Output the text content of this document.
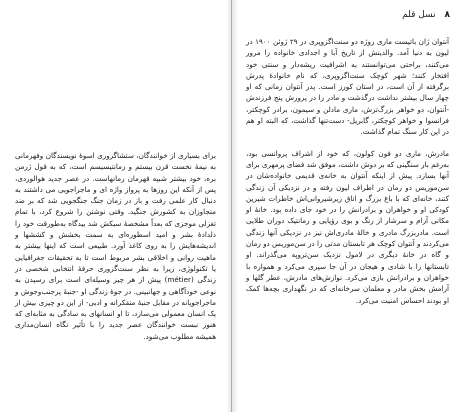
برای بسیاری از خوانندگان، ستشاگزوری اسوهٔ نویسندگان وفهرمانی به نیمهٔ نخست قرن بیستم و رمانتیسیسم است، که به قول ژرمن بره، خود بیشتر شبیه قهرمان رمانهاست. در عصر جدید هوالوردی، پس از آنکه این روزها به پرواز واژه ای و ماجراجویی می داشتند به دنبال کار علمی رفت و باز در زمان جنگ جنگجویی شد که بر ضد متجاوزان به کشورش جنگید. وقتی نوشتن را شروع کرد، با تمام تغزلی موجزی که بعداً مشخصهٔ سبکش شد بیدگاه به‌طورقت خود را دلدادهٔ بشر و امید اسطوره‌ای به سمت بخشش و کششها و اندیشه‌هایش را به روی کاغذ آورد. طبیعی است که اینها بیشتر به ماهیت روانی و اخلاقی بشر مربوط است تا به تحقیقات جغرافیایی یا تکنولوژی، زیرا به نظر سنت‌گزوری حرفهٔ انتخابی شخصی در زندگی (métier) پیش از هر چیز وسیله‌ای است برای رسیدن به نوعی خودآگاهی و جهانبینی. در جوهٔ زندگی او -جنبهٔ پرجنب‌وجوش و ماجراجویانه در مقابل جنبهٔ متفکرانه و ادبی- از این دو چیزی بیش از یک انسان معمولی می‌سازد، تا او انسانهای به سادگی به مثابه‌ای که هنوز نبست خوانندگان عصر جدید را با تأثیر نگاه انسان‌مداری همیشه مطلوب می‌شود.

۸ نسل قلم

آنتوان ژان باتیست ماری روژه دو سنت‌اگزوپری در ۲۹ ژوئن ۱۹۰۰ در لیون به دنیا آمد. والدینش از تاریخ آبا و اجدادی خانواده را مرور می‌کنند، براحتی می‌توانستند به اشرافیت ریشه‌دار و سنتی خود افتخار کنند؛ شهر کوچک سنت‌اگزوپری، که نام خانوادهٔ پدرش برگرفته از آن است، در استان کورز است. پدر آنتوان زمانی که او چهار سال بیشتر نداشت درگذشت و مادر را در پرورش پنج فرزندش -آنتوان، دو خواهر بزرگ‌ترش، ماری مادلن و سیمون، برادر کوچکتر، فرانسوا و خواهر کوچکتر، گابریل- دست‌تنها گذاشت، که البته او هم در این کار سنگ تمام گذاشت.

مادرش، ماری دو فون کولون، که خود از اشراف پروانسی بود، به‌رغم بار سنگینی که بر دوش داشت، موفق شد فضای پرمهری برای آنها بسازد. پیش از اینکه آنتوان به خانه‌ی قدیمی خانواده‌شان در سن‌موریس دو رمان در اطراف لیون رفته و در نزدیکی آن زندگی کنند، خانه‌ای که با باغ بزرگ و اتاق زیرشیروانی‌اش خاطرات شیرین کودکی او و خواهران و برادرانش را در خود جای داده بود. خانهٔ او مکانی آرام و سرشار از رنگ و بوی رؤیایی و رمانتیک دوران طلایی است. مادربزرگ مادری و خالهٔ مادری‌اش نیز در نزدیکی آنها زندگی می‌کردند و آنتوان کوچک هر تابستان مدتی را در سن‌موریس دو رمان و گاه در خانهٔ دیگری در لامول نزدیک سن‌تروپه می‌گذراند. او تابستانها را با شادی و هیجان در آن جا سپری می‌کرد و همواره با خواهران و برادرانش بازی می‌کرد. نوازش‌های مادرش، عطر گلها و آرامش بخش مادر و معلمان سرخانه‌ای که در نگهداری بچه‌ها کمک او بودند احساس امنیت می‌کرد.
